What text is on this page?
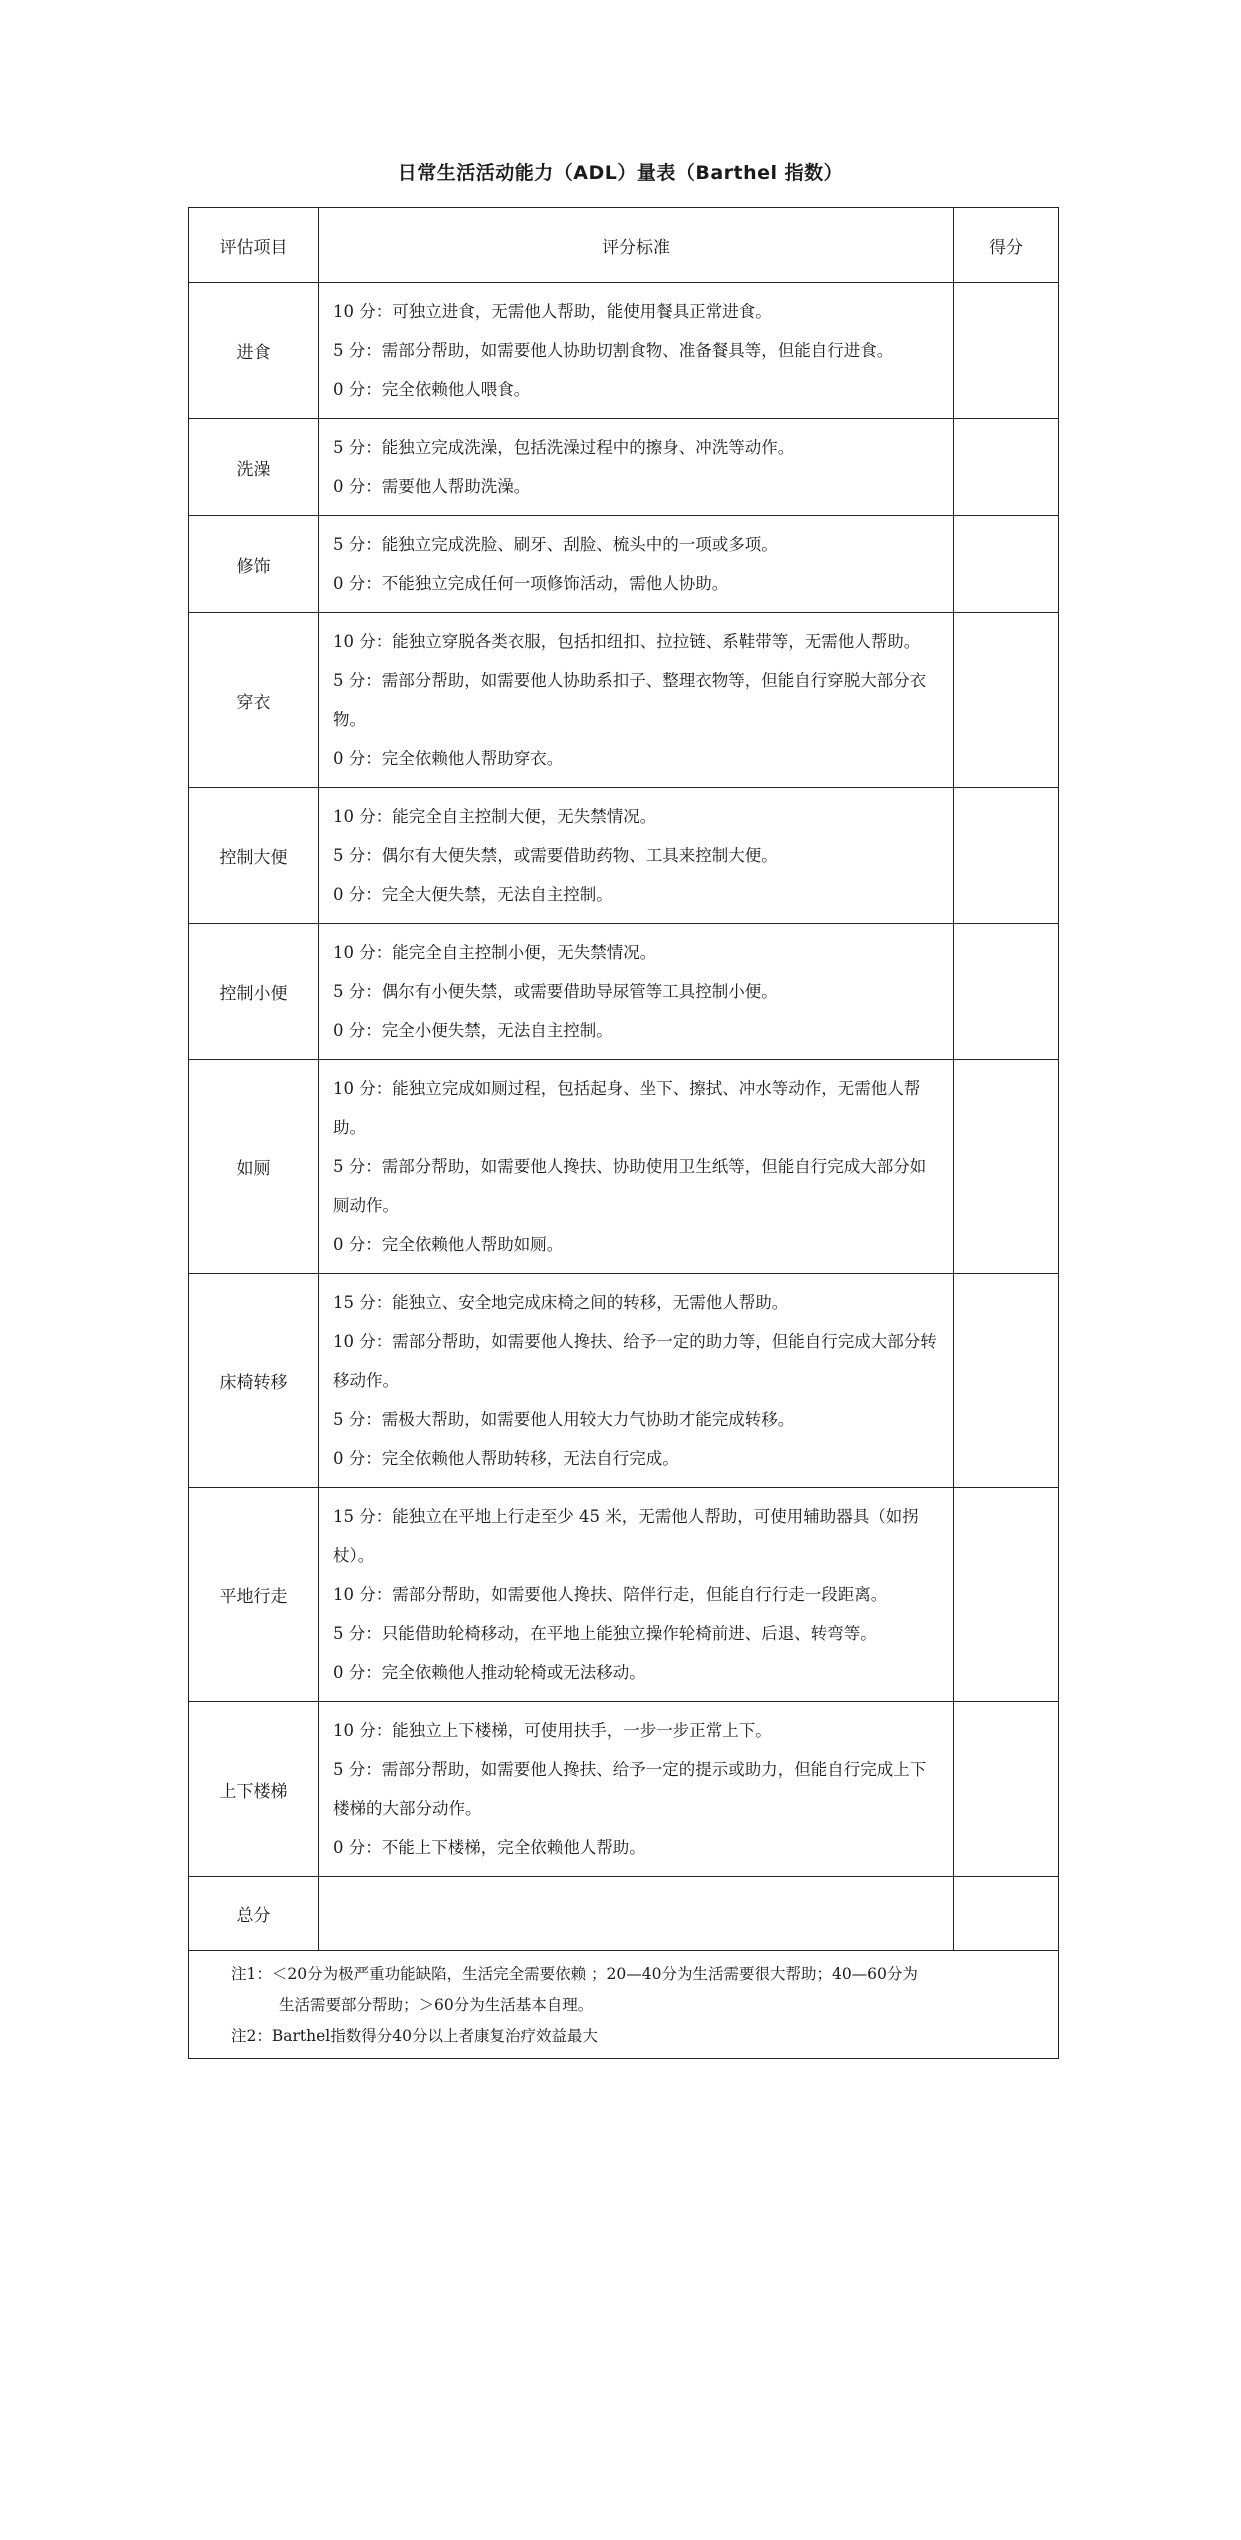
日常生活活动能力（ADL）量表（Barthel 指数）
评估项目	评分标准	得分
进食	10 分：可独立进食，无需他人帮助，能使用餐具正常进食。
5 分：需部分帮助，如需要他人协助切割食物、准备餐具等，但能自行进食。
0 分：完全依赖他人喂食。	

洗澡	5 分：能独立完成洗澡，包括洗澡过程中的擦身、冲洗等动作。
0 分：需要他人帮助洗澡。	

修饰	5 分：能独立完成洗脸、刷牙、刮脸、梳头中的一项或多项。
0 分：不能独立完成任何一项修饰活动，需他人协助。	

穿衣	10 分：能独立穿脱各类衣服，包括扣纽扣、拉拉链、系鞋带等，无需他人帮助。
5 分：需部分帮助，如需要他人协助系扣子、整理衣物等，但能自行穿脱大部分衣物。
0 分：完全依赖他人帮助穿衣。	

控制大便	10 分：能完全自主控制大便，无失禁情况。
5 分：偶尔有大便失禁，或需要借助药物、工具来控制大便。
0 分：完全大便失禁，无法自主控制。	

控制小便	10 分：能完全自主控制小便，无失禁情况。
5 分：偶尔有小便失禁，或需要借助导尿管等工具控制小便。
0 分：完全小便失禁，无法自主控制。	

如厕	10 分：能独立完成如厕过程，包括起身、坐下、擦拭、冲水等动作，无需他人帮助。
5 分：需部分帮助，如需要他人搀扶、协助使用卫生纸等，但能自行完成大部分如厕动作。
0 分：完全依赖他人帮助如厕。	

床椅转移	15 分：能独立、安全地完成床椅之间的转移，无需他人帮助。
10 分：需部分帮助，如需要他人搀扶、给予一定的助力等，但能自行完成大部分转移动作。
5 分：需极大帮助，如需要他人用较大力气协助才能完成转移。
0 分：完全依赖他人帮助转移，无法自行完成。	

平地行走	15 分：能独立在平地上行走至少 45 米，无需他人帮助，可使用辅助器具（如拐杖）。
10 分：需部分帮助，如需要他人搀扶、陪伴行走，但能自行行走一段距离。
5 分：只能借助轮椅移动，在平地上能独立操作轮椅前进、后退、转弯等。
0 分：完全依赖他人推动轮椅或无法移动。	

上下楼梯	10 分：能独立上下楼梯，可使用扶手，一步一步正常上下。
5 分：需部分帮助，如需要他人搀扶、给予一定的提示或助力，但能自行完成上下楼梯的大部分动作。
0 分：不能上下楼梯，完全依赖他人帮助。	

总分		

注1：＜20分为极严重功能缺陷，生活完全需要依赖 ；20—40分为生活需要很大帮助；40—60分为
生活需要部分帮助；＞60分为生活基本自理。
注2：Barthel指数得分40分以上者康复治疗效益最大		
